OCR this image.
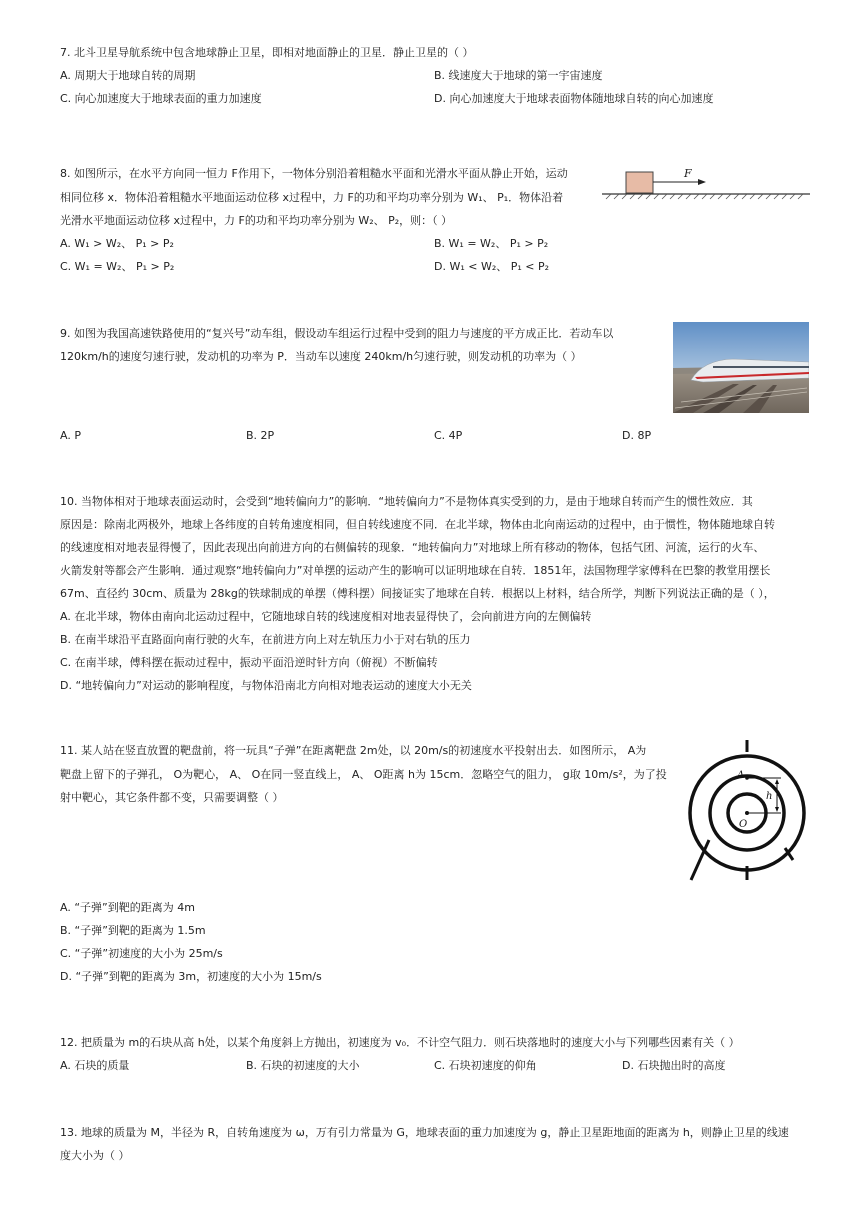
7. 北斗卫星导航系统中包含地球静止卫星，即相对地面静止的卫星．静止卫星的（ ）
A. 周期大于地球自转的周期	B. 线速度大于地球的第一宇宙速度
C. 向心加速度大于地球表面的重力加速度	D. 向心加速度大于地球表面物体随地球自转的向心加速度
8. 如图所示，在水平方向同一恒力 F作用下，一物体分别沿着粗糙水平面和光滑水平面从静止开始，运动
相同位移 x．物体沿着粗糙水平地面运动位移 x过程中，力 F的功和平均功率分别为 W₁、 P₁．物体沿着
光滑水平地面运动位移 x过程中，力 F的功和平均功率分别为 W₂、 P₂，则：（ ）
A. W₁ > W₂、 P₁ > P₂	B. W₁ = W₂、 P₁ > P₂
C. W₁ = W₂、 P₁ > P₂	D. W₁ < W₂、 P₁ < P₂
F
9. 如图为我国高速铁路使用的“复兴号”动车组，假设动车组运行过程中受到的阻力与速度的平方成正比．若动车以
120km/h的速度匀速行驶，发动机的功率为 P．当动车以速度 240km/h匀速行驶，则发动机的功率为（ ）
A. P	B. 2P	C. 4P	D. 8P
10. 当物体相对于地球表面运动时，会受到“地转偏向力”的影响．“地转偏向力”不是物体真实受到的力，是由于地球自转而产生的惯性效应．其
原因是：除南北两极外，地球上各纬度的自转角速度相同，但自转线速度不同．在北半球，物体由北向南运动的过程中，由于惯性，物体随地球自转
的线速度相对地表显得慢了，因此表现出向前进方向的右侧偏转的现象．“地转偏向力”对地球上所有移动的物体，包括气团、河流，运行的火车、
火箭发射等都会产生影响．通过观察“地转偏向力”对单摆的运动产生的影响可以证明地球在自转．1851年，法国物理学家傅科在巴黎的教堂用摆长
67m、直径约 30cm、质量为 28kg的铁球制成的单摆（傅科摆）间接证实了地球在自转．根据以上材料，结合所学，判断下列说法正确的是（ ），
A. 在北半球，物体由南向北运动过程中，它随地球自转的线速度相对地表显得快了，会向前进方向的左侧偏转
B. 在南半球沿平直路面向南行驶的火车，在前进方向上对左轨压力小于对右轨的压力
C. 在南半球，傅科摆在振动过程中，振动平面沿逆时针方向（俯视）不断偏转
D. “地转偏向力”对运动的影响程度，与物体沿南北方向相对地表运动的速度大小无关
11. 某人站在竖直放置的靶盘前，将一玩具“子弹”在距离靶盘 2m处，以 20m/s的初速度水平投射出去．如图所示， A为
靶盘上留下的子弹孔， O为靶心， A、 O在同一竖直线上， A、 O距离 h为 15cm．忽略空气的阻力， g取 10m/s²，为了投
射中靶心，其它条件都不变，只需要调整（ ）
A
h
O
A. “子弹”到靶的距离为 4m
B. “子弹”到靶的距离为 1.5m
C. “子弹”初速度的大小为 25m/s
D. “子弹”到靶的距离为 3m，初速度的大小为 15m/s
12. 把质量为 m的石块从高 h处，以某个角度斜上方抛出，初速度为 v₀．不计空气阻力．则石块落地时的速度大小与下列哪些因素有关（ ）
A. 石块的质量	B. 石块的初速度的大小	C. 石块初速度的仰角	D. 石块抛出时的高度
13. 地球的质量为 M，半径为 R，自转角速度为 ω，万有引力常量为 G，地球表面的重力加速度为 g，静止卫星距地面的距离为 h，则静止卫星的线速
度大小为（ ）
